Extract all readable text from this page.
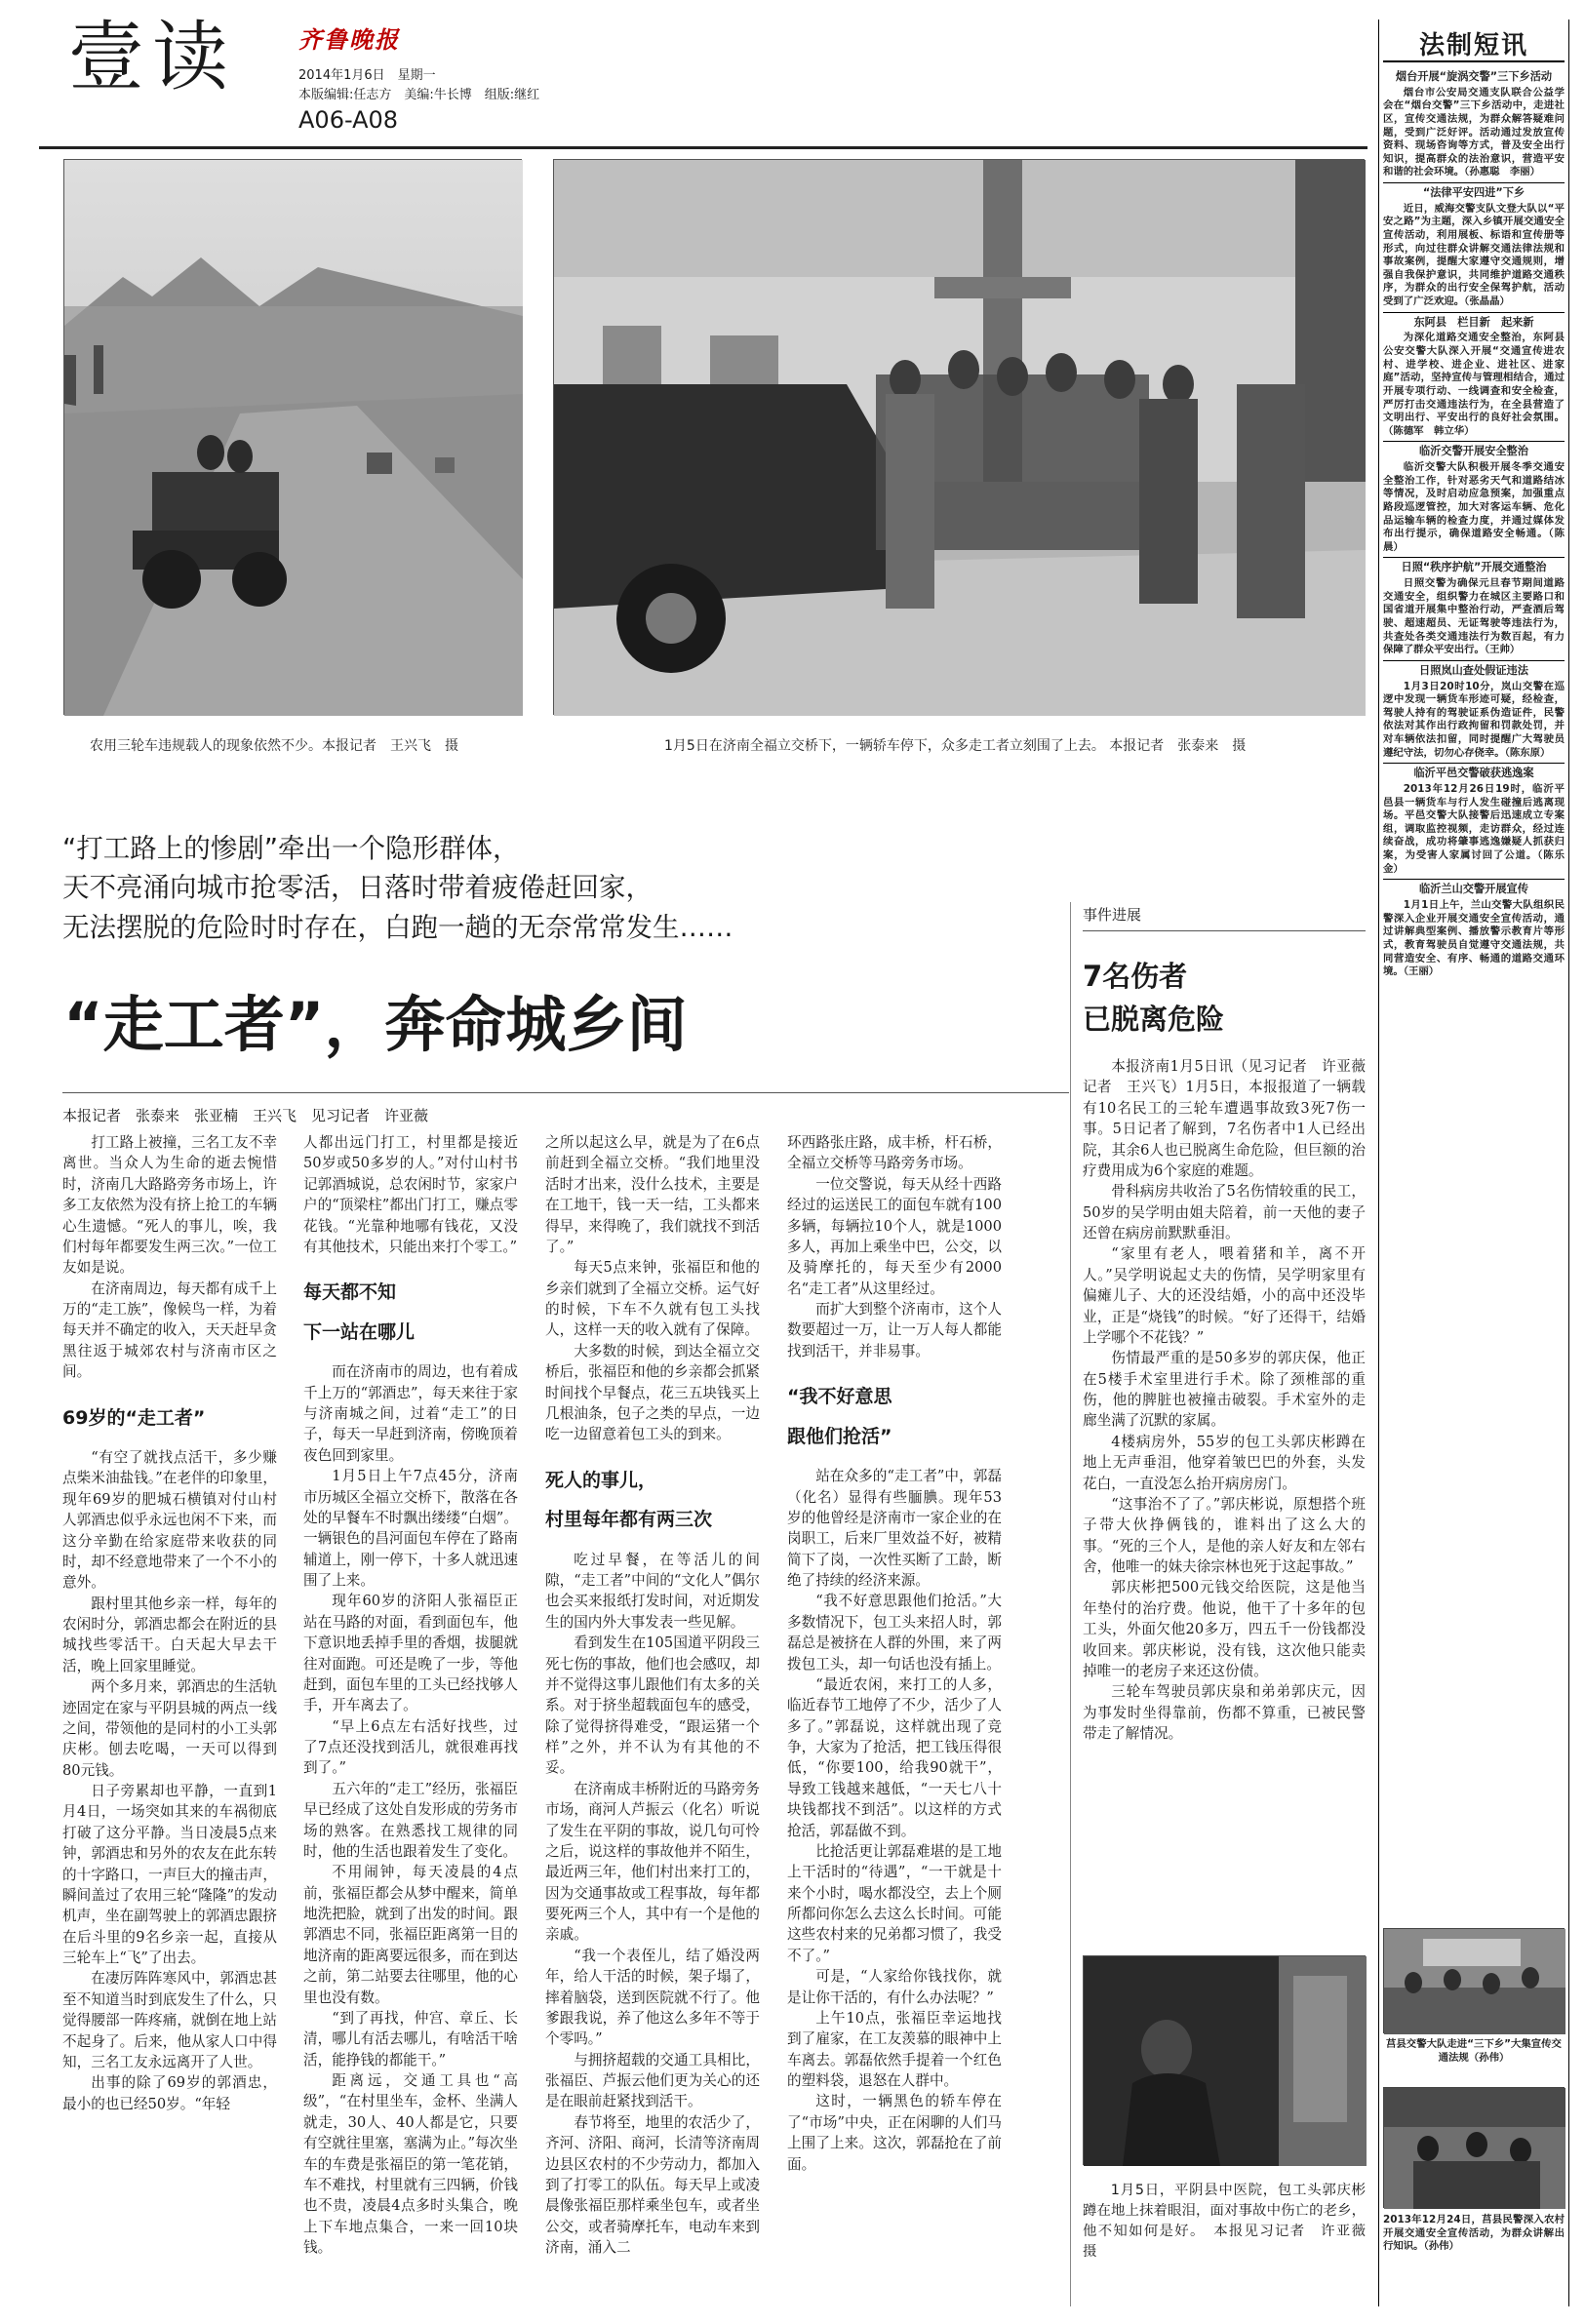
壹读	齐鲁晚报
2014年1月6日　星期一
本版编辑:任志方　美编:牛长博　组版:继红
A06-A08
农用三轮车违规载人的现象依然不少。本报记者　王兴飞　摄	1月5日在济南全福立交桥下，一辆轿车停下，众多走工者立刻围了上去。 本报记者　张泰来　摄
“打工路上的惨剧”牵出一个隐形群体，
天不亮涌向城市抢零活，日落时带着疲倦赶回家，
无法摆脱的危险时时存在，白跑一趟的无奈常常发生……
“走工者”，奔命城乡间
本报记者　张泰来　张亚楠　王兴飞　见习记者　许亚薇

打工路上被撞，三名工友不幸离世。当众人为生命的逝去惋惜时，济南几大路路旁务市场上，许多工友依然为没有挤上抢工的车辆心生遗憾。“死人的事儿，唉，我们村每年都要发生两三次。”一位工友如是说。

在济南周边，每天都有成千上万的“走工族”，像候鸟一样，为着每天并不确定的收入，天天赶早贪黑往返于城郊农村与济南市区之间。

69岁的“走工者”

“有空了就找点活干，多少赚点柴米油盐钱。”在老伴的印象里，现年69岁的肥城石横镇对付山村人郭酒忠似乎永远也闲不下来，而这分辛勤在给家庭带来收获的同时，却不经意地带来了一个不小的意外。

跟村里其他乡亲一样，每年的农闲时分，郭酒忠都会在附近的县城找些零活干。白天起大早去干活，晚上回家里睡觉。

两个多月来，郭酒忠的生活轨迹固定在家与平阴县城的两点一线之间，带领他的是同村的小工头郭庆彬。刨去吃喝，一天可以得到80元钱。

日子旁累却也平静，一直到1月4日，一场突如其来的车祸彻底打破了这分平静。当日凌晨5点来钟，郭酒忠和另外的农友在此东转的十字路口，一声巨大的撞击声，瞬间盖过了农用三轮“隆隆”的发动机声，坐在副驾驶上的郭酒忠跟挤在后斗里的9名乡亲一起，直接从三轮车上“飞”了出去。

在凄厉阵阵寒风中，郭酒忠甚至不知道当时到底发生了什么，只觉得腰部一阵疼痛，就倒在地上站不起身了。后来，他从家人口中得知，三名工友永远离开了人世。

出事的除了69岁的郭酒忠，最小的也已经50岁。“年轻

人都出远门打工，村里都是接近50岁或50多岁的人。”对付山村书记郭酒城说，总农闲时节，家家户户的“顶梁柱”都出门打工，赚点零花钱。“光靠种地哪有钱花，又没有其他技术，只能出来打个零工。”

每天都不知
下一站在哪儿

而在济南市的周边，也有着成千上万的“郭酒忠”，每天来往于家与济南城之间，过着“走工”的日子，每天一早赶到济南，傍晚顶着夜色回到家里。

1月5日上午7点45分，济南市历城区全福立交桥下，散落在各处的早餐车不时飘出缕缕“白烟”。一辆银色的昌河面包车停在了路南辅道上，刚一停下，十多人就迅速围了上来。

现年60岁的济阳人张福臣正站在马路的对面，看到面包车，他下意识地丢掉手里的香烟，拔腿就往对面跑。可还是晚了一步，等他赶到，面包车里的工头已经找够人手，开车离去了。

“早上6点左右活好找些，过了7点还没找到活儿，就很难再找到了。”

五六年的“走工”经历，张福臣早已经成了这处自发形成的劳务市场的熟客。在熟悉找工规律的同时，他的生活也跟着发生了变化。

不用闹钟，每天凌晨的4点前，张福臣都会从梦中醒来，简单地洗把脸，就到了出发的时间。跟郭酒忠不同，张福臣距离第一目的地济南的距离要远很多，而在到达之前，第二站要去往哪里，他的心里也没有数。

“到了再找，仲宫、章丘、长清，哪儿有活去哪儿，有啥活干啥活，能挣钱的都能干。”

距离远，交通工具也“高级”，“在村里坐车，金杯、坐满人就走，30人、40人都是它，只要有空就往里塞，塞满为止。”每次坐车的车费是张福臣的第一笔花销，车不难找，村里就有三四辆，价钱也不贵，凌晨4点多时头集合，晚上下车地点集合，一来一回10块钱。

之所以起这么早，就是为了在6点前赶到全福立交桥。“我们地里没活时才出来，没什么技术，主要是在工地干，钱一天一结，工头都来得早，来得晚了，我们就找不到活了。”

每天5点来钟，张福臣和他的乡亲们就到了全福立交桥。运气好的时候，下车不久就有包工头找人，这样一天的收入就有了保障。

大多数的时候，到达全福立交桥后，张福臣和他的乡亲都会抓紧时间找个早餐点，花三五块钱买上几根油条，包子之类的早点，一边吃一边留意着包工头的到来。

死人的事儿，
村里每年都有两三次

吃过早餐，在等活儿的间隙，“走工者”中间的“文化人”偶尔也会买来报纸打发时间，对近期发生的国内外大事发表一些见解。

看到发生在105国道平阴段三死七伤的事故，他们也会感叹，却并不觉得这事儿跟他们有太多的关系。对于挤坐超载面包车的感受，除了觉得挤得难受，“跟运猪一个样”之外，并不认为有其他的不妥。

在济南成丰桥附近的马路旁务市场，商河人芦振云（化名）听说了发生在平阴的事故，说几句可怜之后，说这样的事故他并不陌生，最近两三年，他们村出来打工的，因为交通事故或工程事故，每年都要死两三个人，其中有一个是他的亲戚。

“我一个表侄儿，结了婚没两年，给人干活的时候，架子塌了，摔着脑袋，送到医院就不行了。他爹跟我说，养了他这么多年不等于个零吗。”

与拥挤超载的交通工具相比，张福臣、芦振云他们更为关心的还是在眼前赶紧找到活干。

春节将至，地里的农活少了，齐河、济阳、商河，长清等济南周边县区农村的不少劳动力，都加入到了打零工的队伍。每天早上或凌晨像张福臣那样乘坐包车，或者坐公交，或者骑摩托车，电动车来到济南，涌入二

环西路张庄路，成丰桥，杆石桥，全福立交桥等马路旁务市场。

一位交警说，每天从经十西路经过的运送民工的面包车就有100多辆，每辆拉10个人，就是1000多人，再加上乘坐中巴，公交，以及骑摩托的，每天至少有2000名“走工者”从这里经过。

而扩大到整个济南市，这个人数要超过一万，让一万人每人都能找到活干，并非易事。

“我不好意思
跟他们抢活”

站在众多的“走工者”中，郭磊（化名）显得有些腼腆。现年53岁的他曾经是济南市一家企业的在岗职工，后来厂里效益不好，被精简下了岗，一次性买断了工龄，断绝了持续的经济来源。

“我不好意思跟他们抢活。”大多数情况下，包工头来招人时，郭磊总是被挤在人群的外围，来了两拨包工头，却一句话也没有插上。

“最近农闲，来打工的人多，临近春节工地停了不少，活少了人多了。”郭磊说，这样就出现了竞争，大家为了抢活，把工钱压得很低，“你要100，给我90就干”，导致工钱越来越低，“一天七八十块钱都找不到活”。以这样的方式抢活，郭磊做不到。

比抢活更让郭磊难堪的是工地上干活时的“待遇”，“一干就是十来个小时，喝水都没空，去上个厕所都问你怎么去这么长时间。可能这些农村来的兄弟都习惯了，我受不了。”

可是，“人家给你钱找你，就是让你干活的，有什么办法呢？”

上午10点，张福臣幸运地找到了雇家，在工友羡慕的眼神中上车离去。郭磊依然手提着一个红色的塑料袋，退怒在人群中。

这时，一辆黑色的轿车停在了“市场”中央，正在闲聊的人们马上围了上来。这次，郭磊抢在了前面。

事件进展
7名伤者
已脱离危险

本报济南1月5日讯（见习记者　许亚薇　记者　王兴飞）1月5日，本报报道了一辆载有10名民工的三轮车遭遇事故致3死7伤一事。5日记者了解到，7名伤者中1人已经出院，其余6人也已脱离生命危险，但巨额的治疗费用成为6个家庭的难题。

骨科病房共收治了5名伤情较重的民工，50岁的吴学明由姐夫陪着，前一天他的妻子还曾在病房前默默垂泪。

“家里有老人，喂着猪和羊，离不开人。”吴学明说起丈夫的伤情，吴学明家里有偏瘫儿子、大的还没结婚，小的高中还没毕业，正是“烧钱”的时候。“好了还得干，结婚上学哪个不花钱？”

伤情最严重的是50多岁的郭庆保，他正在5楼手术室里进行手术。除了颈椎部的重伤，他的脾脏也被撞击破裂。手术室外的走廊坐满了沉默的家属。

4楼病房外，55岁的包工头郭庆彬蹲在地上无声垂泪，他穿着皱巴巴的外套，头发花白，一直没怎么抬开病房房门。

“这事治不了了。”郭庆彬说，原想搭个班子带大伙挣俩钱的，谁料出了这么大的事。“死的三个人，是他的亲人好友和左邻右舍，他唯一的妹夫徐宗林也死于这起事故。”

郭庆彬把500元钱交给医院，这是他当年垫付的治疗费。他说，他干了十多年的包工头，外面欠他20多万，四五千一份钱都没收回来。郭庆彬说，没有钱，这次他只能卖掉唯一的老房子来还这份债。

三轮车驾驶员郭庆泉和弟弟郭庆元，因为事发时坐得靠前，伤都不算重，已被民警带走了解情况。

1月5日，平阴县中医院，包工头郭庆彬蹲在地上抹着眼泪，面对事故中伤亡的老乡，他不知如何是好。　本报见习记者　许亚薇　摄
法制短讯
烟台开展“旋涡交警”三下乡活动

烟台市公安局交通支队联合公益学会在“烟台交警”三下乡活动中，走进社区，宣传交通法规，为群众解答疑难问题，受到广泛好评。活动通过发放宣传资料、现场咨询等方式，普及安全出行知识，提高群众的法治意识，营造平安和谐的社会环境。（孙惠聪　李丽）

“法律平安四进”下乡

近日，威海交警支队文登大队以“平安之路”为主题，深入乡镇开展交通安全宣传活动，利用展板、标语和宣传册等形式，向过往群众讲解交通法律法规和事故案例，提醒大家遵守交通规则，增强自我保护意识，共同维护道路交通秩序，为群众的出行安全保驾护航，活动受到了广泛欢迎。（张晶晶）

东阿县　栏目新　起来新

为深化道路交通安全整治，东阿县公安交警大队深入开展“交通宣传进农村、进学校、进企业、进社区、进家庭”活动，坚持宣传与管理相结合，通过开展专项行动、一线调查和安全检查，严厉打击交通违法行为，在全县营造了文明出行、平安出行的良好社会氛围。（陈德军　韩立华）

临沂交警开展安全整治

临沂交警大队积极开展冬季交通安全整治工作，针对恶劣天气和道路结冰等情况，及时启动应急预案，加强重点路段巡逻管控，加大对客运车辆、危化品运输车辆的检查力度，并通过媒体发布出行提示，确保道路安全畅通。（陈晨）

日照“秩序护航”开展交通整治

日照交警为确保元旦春节期间道路交通安全，组织警力在城区主要路口和国省道开展集中整治行动，严查酒后驾驶、超速超员、无证驾驶等违法行为，共查处各类交通违法行为数百起，有力保障了群众平安出行。（王帅）

日照岚山查处假证违法

1月3日20时10分，岚山交警在巡逻中发现一辆货车形迹可疑，经检查，驾驶人持有的驾驶证系伪造证件，民警依法对其作出行政拘留和罚款处罚，并对车辆依法扣留，同时提醒广大驾驶员遵纪守法，切勿心存侥幸。（陈东原）

临沂平邑交警破获逃逸案

2013年12月26日19时，临沂平邑县一辆货车与行人发生碰撞后逃离现场。平邑交警大队接警后迅速成立专案组，调取监控视频，走访群众，经过连续奋战，成功将肇事逃逸嫌疑人抓获归案，为受害人家属讨回了公道。（陈乐金）

临沂兰山交警开展宣传

1月1日上午，兰山交警大队组织民警深入企业开展交通安全宣传活动，通过讲解典型案例、播放警示教育片等形式，教育驾驶员自觉遵守交通法规，共同营造安全、有序、畅通的道路交通环境。（王丽）

莒县交警大队走进“三下乡”大集宣传交通法规（孙伟）
2013年12月24日，莒县民警深入农村开展交通安全宣传活动，为群众讲解出行知识。（孙伟）
